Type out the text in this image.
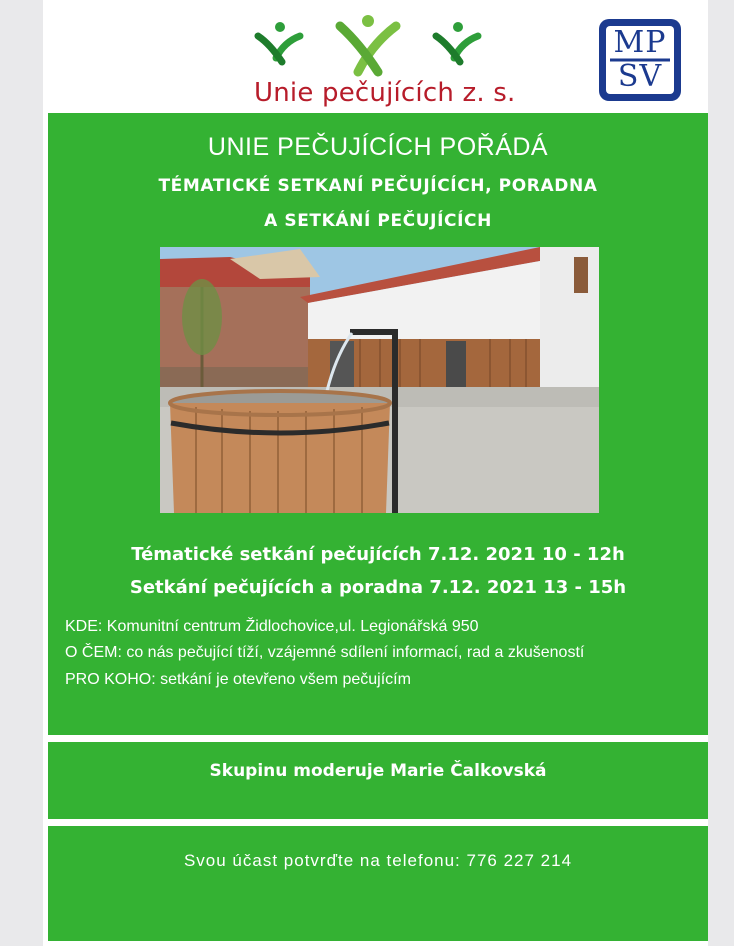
Unie pečujících z. s.
MP
SV
UNIE PEČUJÍCÍCH POŘÁDÁ
TÉMATICKÉ SETKANÍ PEČUJÍCÍCH, PORADNA
A SETKÁNÍ PEČUJÍCÍCH
Tématické setkání pečujících 7.12. 2021 10 - 12h
Setkání pečujících a poradna 7.12. 2021 13 - 15h
KDE: Komunitní centrum Židlochovice,ul. Legionářská 950
O ČEM: co nás pečující tíží, vzájemné sdílení informací, rad a zkušeností
PRO KOHO: setkání je otevřeno všem pečujícím
Skupinu moderuje Marie Čalkovská
Svou účast potvrďte na telefonu: 776 227 214
